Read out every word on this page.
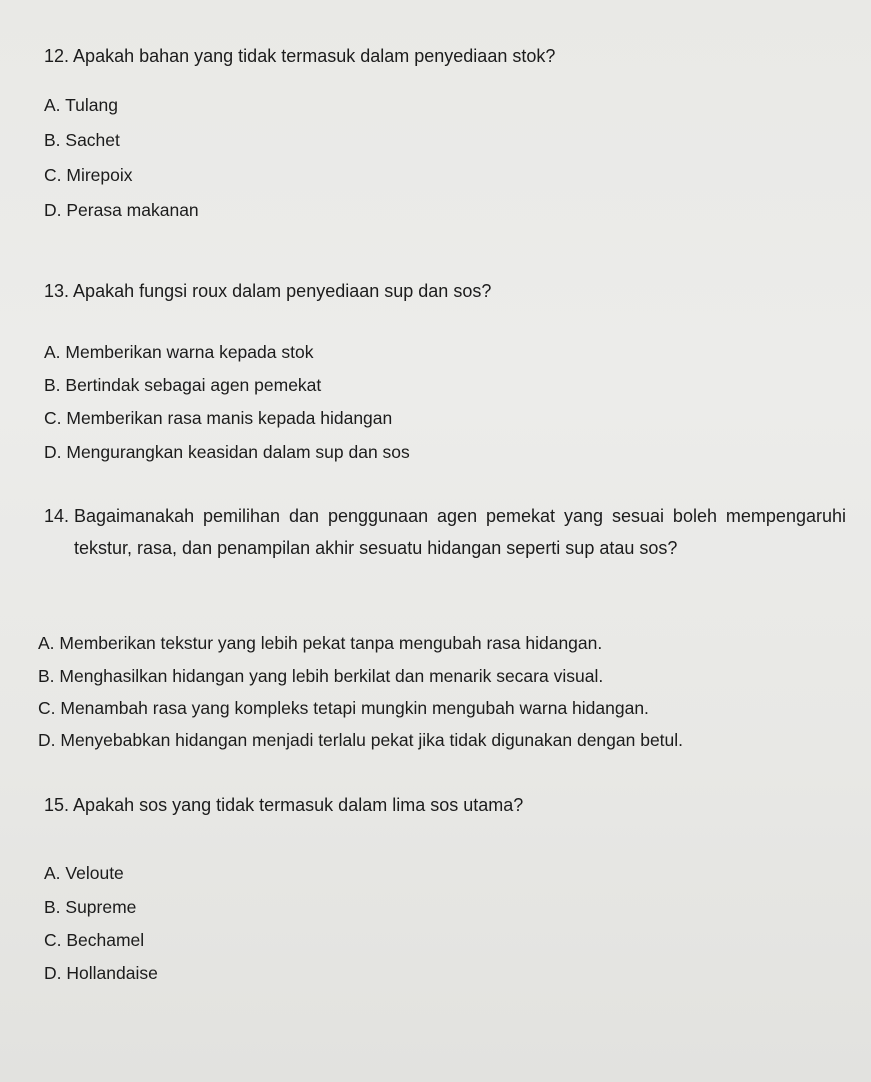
12. Apakah bahan yang tidak termasuk dalam penyediaan stok?
A. Tulang
B. Sachet
C. Mirepoix
D. Perasa makanan
13. Apakah fungsi roux dalam penyediaan sup dan sos?
A. Memberikan warna kepada stok
B. Bertindak sebagai agen pemekat
C. Memberikan rasa manis kepada hidangan
D. Mengurangkan keasidan dalam sup dan sos
14. Bagaimanakah pemilihan dan penggunaan agen pemekat yang sesuai boleh mempengaruhi tekstur, rasa, dan penampilan akhir sesuatu hidangan seperti sup atau sos?
A. Memberikan tekstur yang lebih pekat tanpa mengubah rasa hidangan.
B. Menghasilkan hidangan yang lebih berkilat dan menarik secara visual.
C. Menambah rasa yang kompleks tetapi mungkin mengubah warna hidangan.
D. Menyebabkan hidangan menjadi terlalu pekat jika tidak digunakan dengan betul.
15. Apakah sos yang tidak termasuk dalam lima sos utama?
A. Veloute
B. Supreme
C. Bechamel
D. Hollandaise
